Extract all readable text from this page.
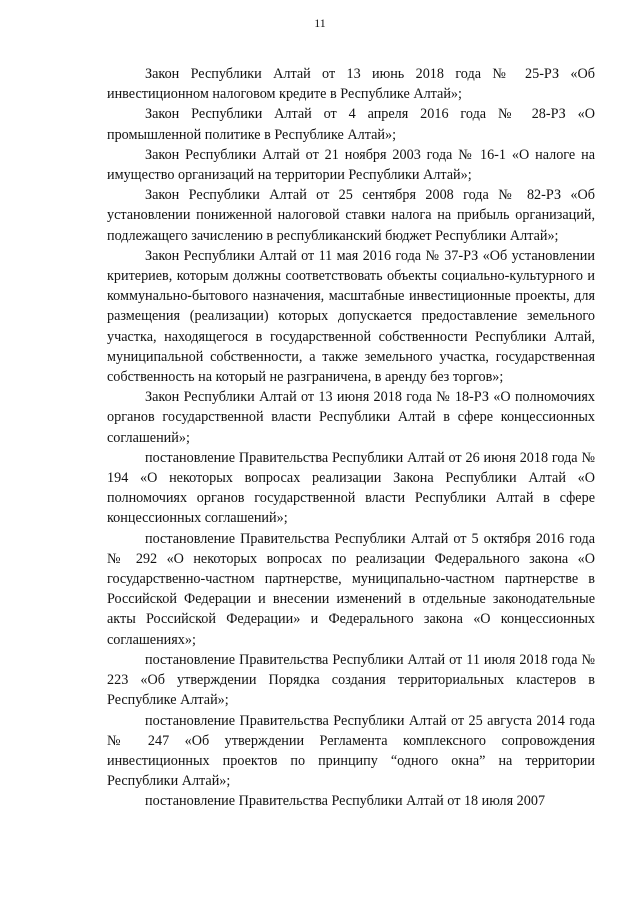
11

Закон Республики Алтай от 13 июнь 2018 года № 25-РЗ «Об инвестиционном налоговом кредите в Республике Алтай»;

Закон Республики Алтай от 4 апреля 2016 года № 28-РЗ «О промышленной политике в Республике Алтай»;

Закон Республики Алтай от 21 ноября 2003 года № 16-1 «О налоге на имущество организаций на территории Республики Алтай»;

Закон Республики Алтай от 25 сентября 2008 года № 82-РЗ «Об установлении пониженной налоговой ставки налога на прибыль организаций, подлежащего зачислению в республиканский бюджет Республики Алтай»;

Закон Республики Алтай от 11 мая 2016 года № 37-РЗ «Об установлении критериев, которым должны соответствовать объекты социально-культурного и коммунально-бытового назначения, масштабные инвестиционные проекты, для размещения (реализации) которых допускается предоставление земельного участка, находящегося в государственной собственности Республики Алтай, муниципальной собственности, а также земельного участка, государственная собственность на который не разграничена, в аренду без торгов»;

Закон Республики Алтай от 13 июня 2018 года № 18-РЗ «О полномочиях органов государственной власти Республики Алтай в сфере концессионных соглашений»;

постановление Правительства Республики Алтай от 26 июня 2018 года № 194 «О некоторых вопросах реализации Закона Республики Алтай «О полномочиях органов государственной власти Республики Алтай в сфере концессионных соглашений»;

постановление Правительства Республики Алтай от 5 октября 2016 года № 292 «О некоторых вопросах по реализации Федерального закона «О государственно-частном партнерстве, муниципально-частном партнерстве в Российской Федерации и внесении изменений в отдельные законодательные акты Российской Федерации» и Федерального закона «О концессионных соглашениях»;

постановление Правительства Республики Алтай от 11 июля 2018 года № 223 «Об утверждении Порядка создания территориальных кластеров в Республике Алтай»;

постановление Правительства Республики Алтай от 25 августа 2014 года № 247 «Об утверждении Регламента комплексного сопровождения инвестиционных проектов по принципу “одного окна” на территории Республики Алтай»;

постановление Правительства Республики Алтай от 18 июля 2007
